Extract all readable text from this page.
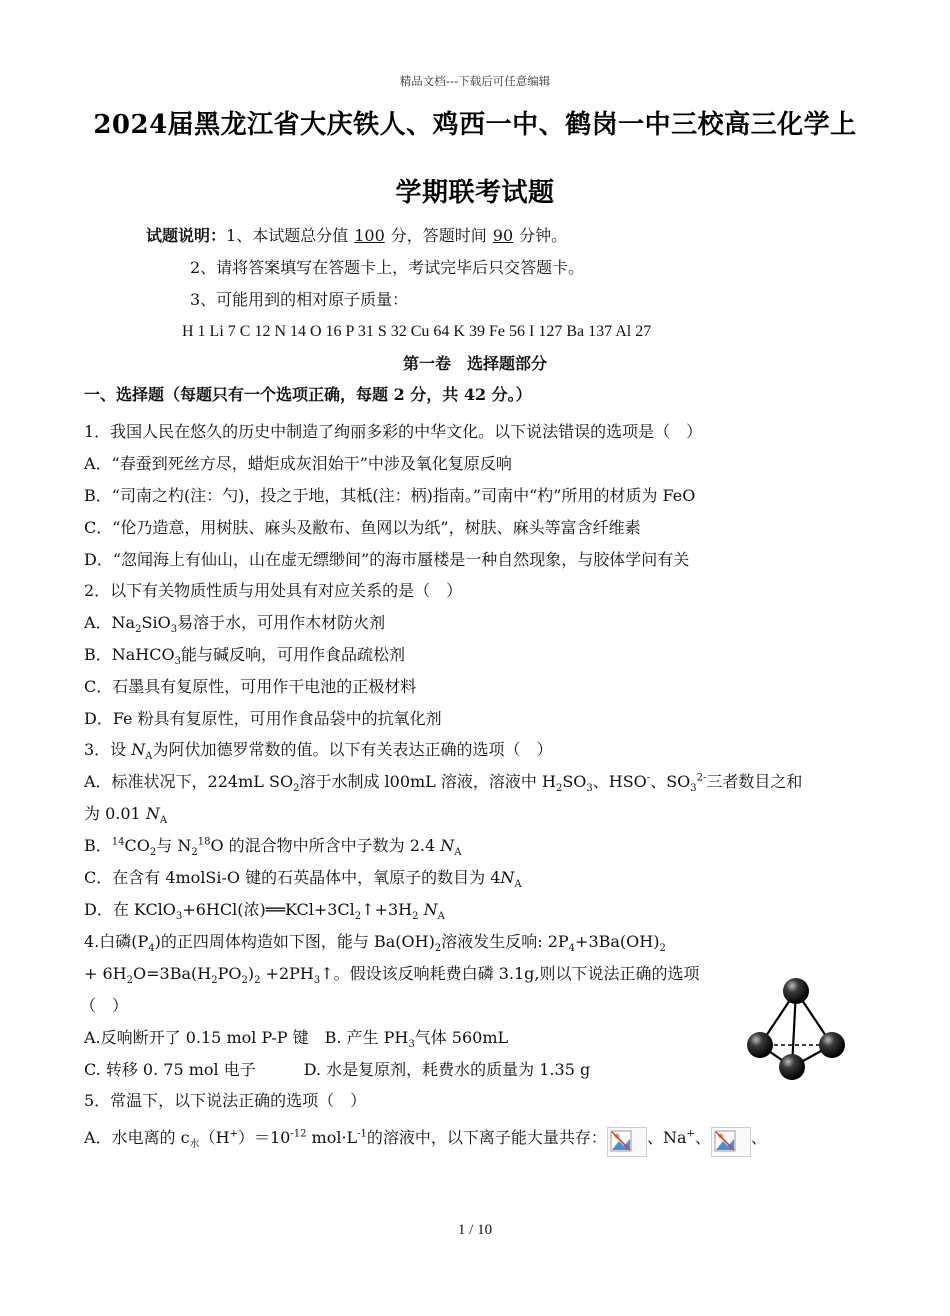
精品文档---下载后可任意编辑
2024届黑龙江省大庆铁人、鸡西一中、鹤岗一中三校高三化学上
学期联考试题
试题说明：1、本试题总分值 100 分，答题时间 90 分钟。
2、请将答案填写在答题卡上，考试完毕后只交答题卡。
3、可能用到的相对原子质量：
H 1 Li 7 C 12 N 14 O 16 P 31 S 32 Cu 64 K 39 Fe 56 I 127 Ba 137 Al 27
第一卷　选择题部分
一、选择题（每题只有一个选项正确，每题 2 分，共 42 分。）
1．我国人民在悠久的历史中制造了绚丽多彩的中华文化。以下说法错误的选项是（　）
A．“春蚕到死丝方尽，蜡炬成灰泪始干”中涉及氧化复原反响
B．“司南之杓(注：勺)，投之于地，其柢(注：柄)指南。”司南中“杓”所用的材质为 FeO
C．“伦乃造意，用树肤、麻头及敝布、鱼网以为纸”，树肤、麻头等富含纤维素
D．“忽闻海上有仙山，山在虚无缥缈间”的海市蜃楼是一种自然现象，与胶体学问有关
2．以下有关物质性质与用处具有对应关系的是（　）
A．$Na_2SiO_3$易溶于水，可用作木材防火剂
B．NaHCO$_3$能与碱反响，可用作食品疏松剂
C．石墨具有复原性，可用作干电池的正极材料
D．Fe 粉具有复原性，可用作食品袋中的抗氧化剂
3．设 $N_A$为阿伏加德罗常数的值。以下有关表达正确的选项（　）
A．标准状况下，224mL $SO_2$溶于水制成 l00mL 溶液，溶液中 $H_2SO_3$、HSO-、$SO_3^{2-}$三者数目之和
为 0.01 $N_A$
B．$^{14}CO_2$与 $N_2^{18}O$ 的混合物中所含中子数为 2.4 $N_A$
C．在含有 4molSi-O 键的石英晶体中，氧原子的数目为 $4N_A$
D．在 KClO$_3$+6HCl(浓)$══KCl+3Cl_2↑+3H_2$ $N_A$
4.白磷$(P_4)$的正四周体构造如下图，能与 $Ba(OH)_2$溶液发生反响: $2P_4+3Ba(OH)_2$
+ $6H_2O=3Ba(H_2PO_2)_2$ $+2PH_3↑$。假设该反响耗费白磷 3.1g,则以下说法正确的选项
（　）
A.反响断开了 0.15 mol P-P 键　B. 产生 $PH_3$气体 560mL
C. 转移 0. 75 mol 电子　　　D. 水是复原剂，耗费水的质量为 1.35 g
5．常温下，以下说法正确的选项（　）
A．水电离的 $c_水(H^+)=10^{-12}$ $mol\cdot L^{-1}$的溶液中，以下离子能大量共存：	、Na+、	、
1 / 10
